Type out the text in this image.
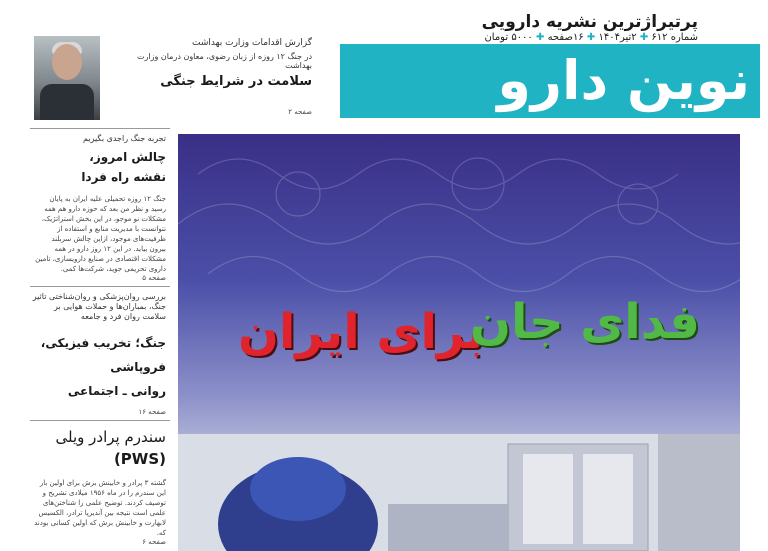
پرتیراژترین نشریه دارویی
شماره ۶۱۲ ✚ ۲تیر۱۴۰۴ ✚ ۱۶صفحه ✚ ۵۰۰۰ تومان
نوین دارو
گزارش اقدامات وزارت بهداشت
در جنگ ۱۲ روزه از زبان رضوی، معاون درمان وزارت بهداشت
سلامت در شرایط جنگی
صفحه ۲
تجربه جنگ راجدی بگیریم
چالش امروز،
نقشه راه فردا
جنگ ۱۲ روزه تحمیلی علیه ایران به پایان رسید و نظر من بعد که حوزه دارو هم همه مشکلات نو موجو، در این بخش استراتژیک، نتوانست با مدیریت منابع و استفاده از ظرفیت‌های موجود، ازاین چالش سربلند بیرون بیاید. در این ۱۲ روز دارو در همه مشکلات اقتصادی در صنایع دارویسازی، تامین داروی تحریمی جوید، شرکت‌ها کمی.
صفحه ۵
بررسی روان‌پزشکی و روان‌شناختی تاثیر جنگ، بمباران‌ها و حملات هوایی بر سلامت روان فرد و جامعه
جنگ؛ تخریب فیزیکی،
فروپاشی
روانی ـ اجتماعی
صفحه ۱۶
سندرم پرادر ویلی
(PWS)
گشته ۳ پرادر و خابینش برش برای اولین بار این سندرم را در ماه ۱۹۵۶ میلادی تشریح و توصیف کردند. توضیح علمی را شناختن‌های علمی است نتیجه بین آندیرپا ترادر، الکسیس لابهارت و خابینش برش که اولین کسانی بودند که.
صفحه ۶
برای ایران
فدای جان
